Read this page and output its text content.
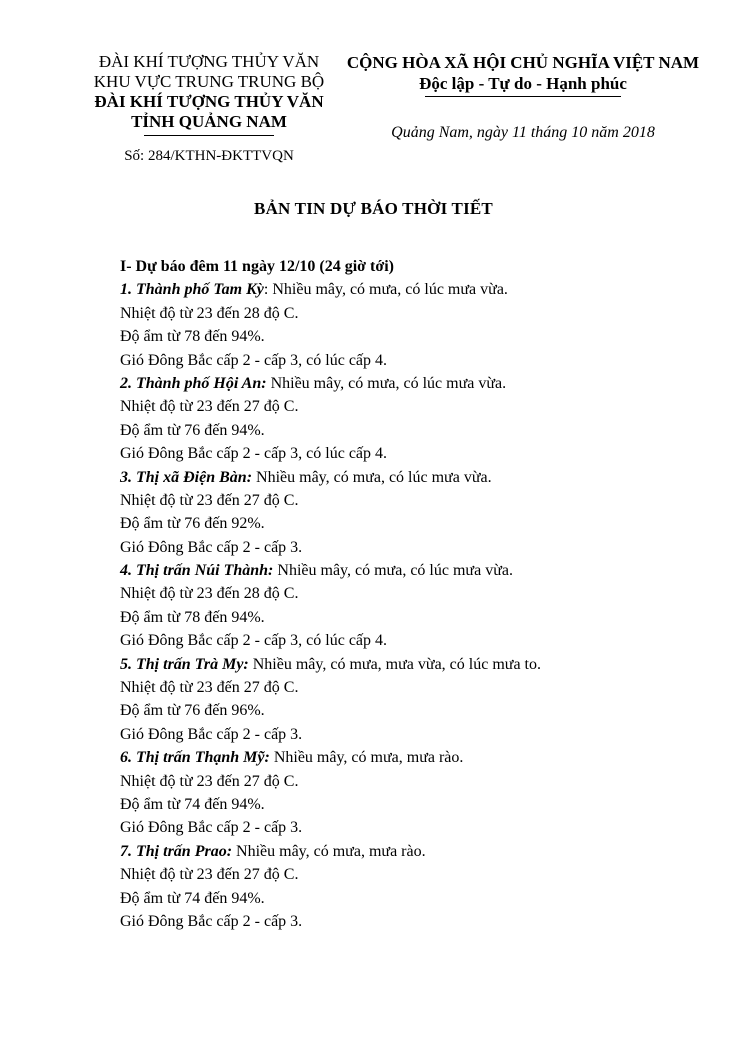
ĐÀI KHÍ TƯỢNG THỦY VĂN
KHU VỰC TRUNG TRUNG BỘ
ĐÀI KHÍ TƯỢNG THỦY VĂN
TỈNH QUẢNG NAM
Số: 284/KTHN-ĐKTTVQN
CỘNG HÒA XÃ HỘI CHỦ NGHĨA VIỆT NAM
Độc lập - Tự do - Hạnh phúc
Quảng Nam, ngày 11 tháng 10 năm 2018
BẢN TIN DỰ BÁO THỜI TIẾT
I- Dự báo đêm 11 ngày 12/10 (24 giờ tới)
1. Thành phố Tam Kỳ: Nhiều mây, có mưa, có lúc mưa vừa.
Nhiệt độ từ 23 đến 28 độ C.
Độ ẩm từ 78 đến 94%.
Gió Đông Bắc cấp 2 - cấp 3, có lúc cấp 4.
2. Thành phố Hội An: Nhiều mây, có mưa, có lúc mưa vừa.
Nhiệt độ từ 23 đến 27 độ C.
Độ ẩm từ 76 đến 94%.
Gió Đông Bắc cấp 2 - cấp 3, có lúc cấp 4.
3. Thị xã Điện Bàn: Nhiều mây, có mưa, có lúc mưa vừa.
Nhiệt độ từ 23 đến 27 độ C.
Độ ẩm từ 76 đến 92%.
Gió Đông Bắc cấp 2 - cấp 3.
4. Thị trấn Núi Thành: Nhiều mây, có mưa, có lúc mưa vừa.
Nhiệt độ từ 23 đến 28 độ C.
Độ ẩm từ 78 đến 94%.
Gió Đông Bắc cấp 2 - cấp 3, có lúc cấp 4.
5. Thị trấn Trà My: Nhiều mây, có mưa, mưa vừa, có lúc mưa to.
Nhiệt độ từ 23 đến 27 độ C.
Độ ẩm từ 76 đến 96%.
Gió Đông Bắc cấp 2 - cấp 3.
6. Thị trấn Thạnh Mỹ: Nhiều mây, có mưa, mưa rào.
Nhiệt độ từ 23 đến 27 độ C.
Độ ẩm từ 74 đến 94%.
Gió Đông Bắc cấp 2 - cấp 3.
7. Thị trấn Prao: Nhiều mây, có mưa, mưa rào.
Nhiệt độ từ 23 đến 27 độ C.
Độ ẩm từ 74 đến 94%.
Gió Đông Bắc cấp 2 - cấp 3.
